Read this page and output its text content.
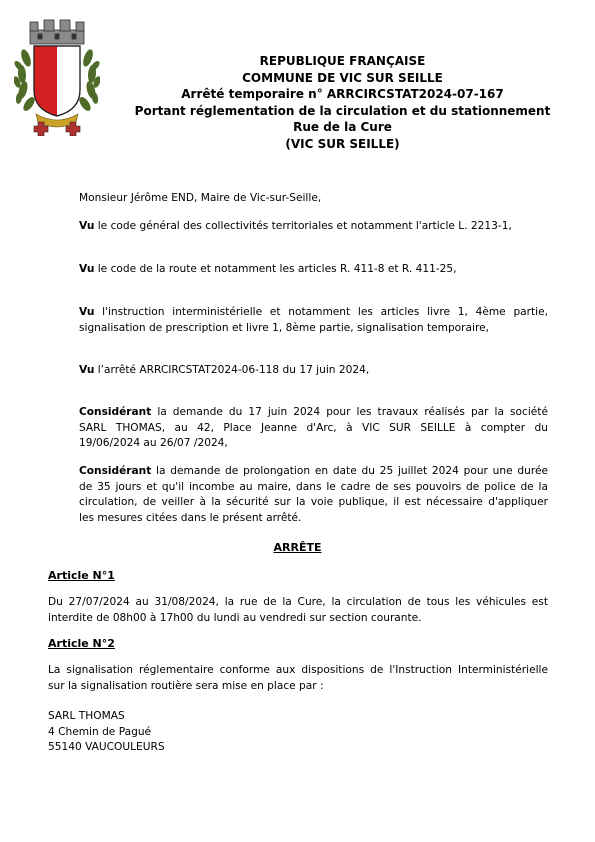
REPUBLIQUE FRANÇAISE
COMMUNE DE VIC SUR SEILLE
Arrêté temporaire n° ARRCIRCSTAT2024-07-167
Portant réglementation de la circulation et du stationnement
Rue de la Cure
(VIC SUR SEILLE)
Monsieur Jérôme END, Maire de Vic-sur-Seille,
Vu le code général des collectivités territoriales et notamment l'article L. 2213-1,
Vu le code de la route et notamment les articles R. 411-8 et R. 411-25,
Vu l'instruction interministérielle et notamment les articles livre 1, 4ème partie,
signalisation de prescription et livre 1, 8ème partie, signalisation temporaire,
Vu l’arrêté ARRCIRCSTAT2024-06-118 du 17 juin 2024,
Considérant la demande du 17 juin 2024 pour les travaux réalisés par la société
SARL THOMAS, au 42, Place Jeanne d'Arc, à VIC SUR SEILLE à compter du
19/06/2024 au 26/07 /2024,
Considérant la demande de prolongation en date du 25 juillet 2024 pour une durée
de 35 jours et qu'il incombe au maire, dans le cadre de ses pouvoirs de police de la
circulation, de veiller à la sécurité sur la voie publique, il est nécessaire d'appliquer
les mesures citées dans le présent arrêté.
ARRÊTE
Article N°1
Du 27/07/2024 au 31/08/2024, la rue de la Cure, la circulation de tous les véhicules est
interdite de 08h00 à 17h00 du lundi au vendredi sur section courante.
Article N°2
La signalisation réglementaire conforme aux dispositions de l'Instruction Interministérielle
sur la signalisation routière sera mise en place par :
SARL THOMAS
4 Chemin de Pagué
55140 VAUCOULEURS
